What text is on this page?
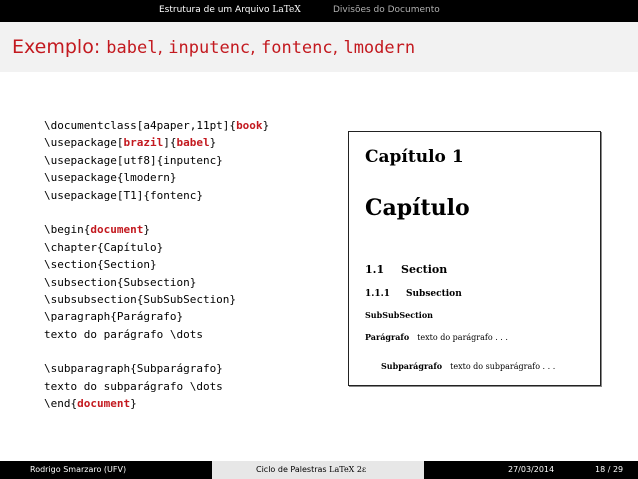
Estrutura de um Arquivo LaTeX	Divisões do Documento
Exemplo: babel, inputenc, fontenc, lmodern
\documentclass[a4paper,11pt]{book}
\usepackage[brazil]{babel}
\usepackage[utf8]{inputenc}
\usepackage{lmodern}
\usepackage[T1]{fontenc}
\begin{document}
\chapter{Capítulo}
\section{Section}
\subsection{Subsection}
\subsubsection{SubSubSection}
\paragraph{Parágrafo}
texto do parágrafo \dots
\subparagraph{Subparágrafo}
texto do subparágrafo \dots
\end{document}
Capítulo 1
Capítulo
1.1 Section
1.1.1 Subsection
SubSubSection
Parágrafo texto do parágrafo . . .
Subparágrafo texto do subparágrafo . . .
Rodrigo Smarzaro (UFV)	Ciclo de Palestras LaTeX 2ε	27/03/2014	18 / 29
